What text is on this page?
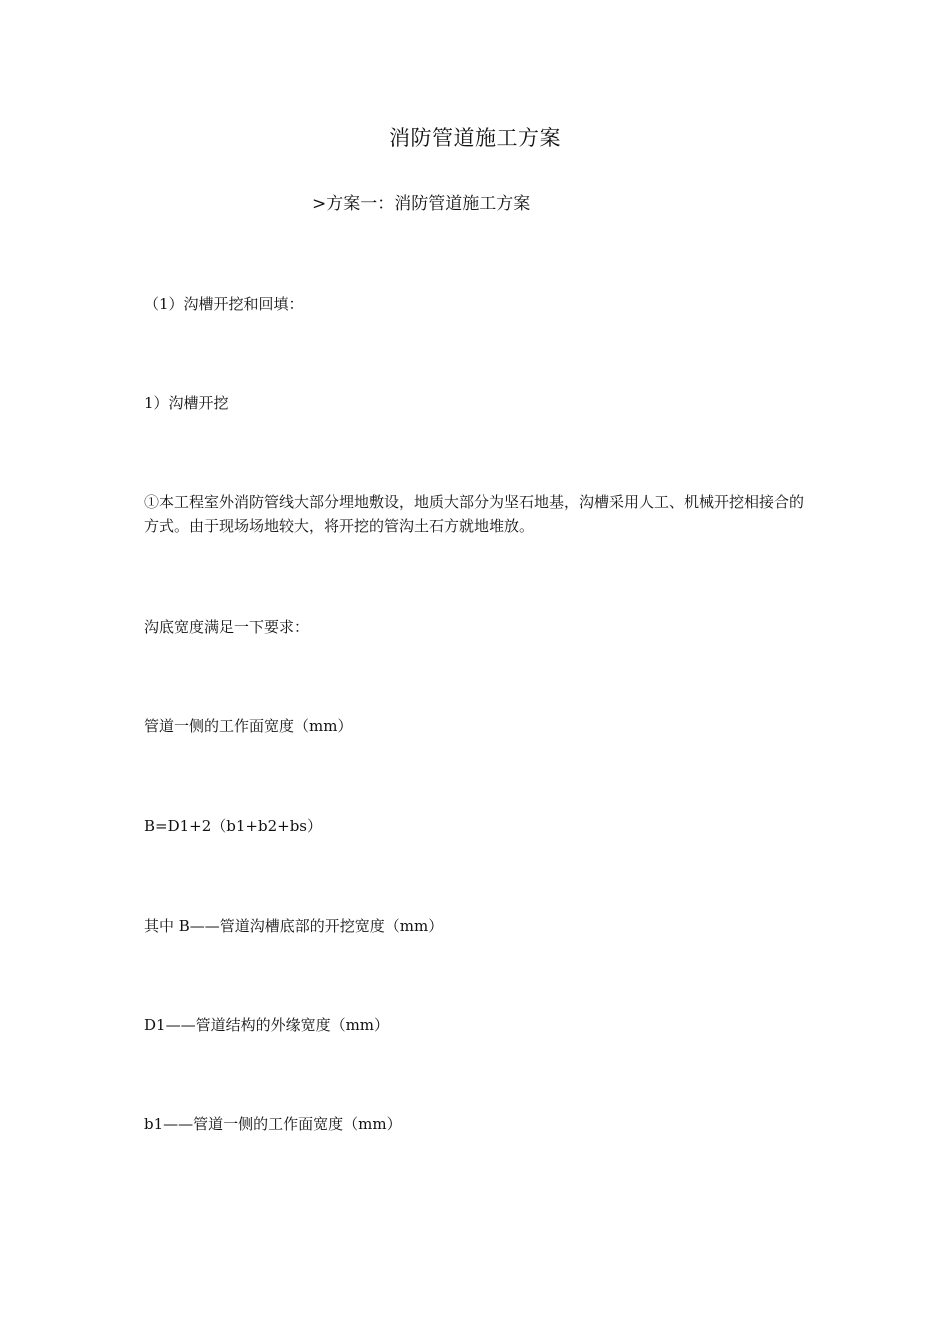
消防管道施工方案
>方案一：消防管道施工方案
（1）沟槽开挖和回填：
1）沟槽开挖
①本工程室外消防管线大部分埋地敷设，地质大部分为坚石地基，沟槽采用人工、机械开挖相接合的方式。由于现场场地较大，将开挖的管沟土石方就地堆放。
沟底宽度满足一下要求：
管道一侧的工作面宽度（mm）
B=D1+2（b1+b2+bs）
其中 B——管道沟槽底部的开挖宽度（mm）
D1——管道结构的外缘宽度（mm）
b1——管道一侧的工作面宽度（mm）
